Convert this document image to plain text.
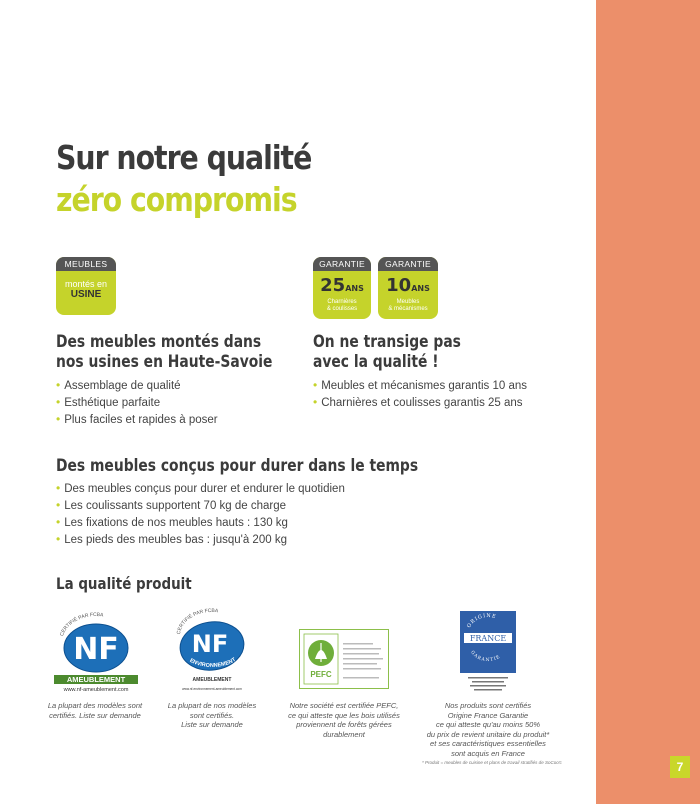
7
Sur notre qualité
zéro compromis
MEUBLES
montés en
USINE
GARANTIE
25ANS
Charnières
& coulisses
GARANTIE
10ANS
Meubles
& mécanismes
Des meubles montés dans
nos usines en Haute-Savoie
• Assemblage de qualité
• Esthétique parfaite
• Plus faciles et rapides à poser
On ne transige pas
avec la qualité !
• Meubles et mécanismes garantis 10 ans
• Charnières et coulisses garantis 25 ans
Des meubles conçus pour durer dans le temps
• Des meubles conçus pour durer et endurer le quotidien
• Les coulissants supportent 70 kg de charge
• Les fixations de nos meubles hauts : 130 kg
• Les pieds des meubles bas : jusqu'à 200 kg
La qualité produit
CERTIFIÉ PAR FCBA
NF
AMEUBLEMENT
www.nf-ameublement.com
La plupart des modèles sont
certifiés. Liste sur demande
CERTIFIÉ PAR FCBA
NF
ENVIRONNEMENT
AMEUBLEMENT
www.nf-environnement-ameublement.com
La plupart de nos modèles
sont certifiés.
Liste sur demande
PEFC
Notre société est certifiée PEFC,
ce qui atteste que les bois utilisés
proviennent de forêts gérées
durablement
ORIGINE
FRANCE
GARANTIE
Nos produits sont certifiés
Origine France Garantie
ce qui atteste qu'au moins 50%
du prix de revient unitaire du produit*
et ses caractéristiques essentielles
sont acquis en France
* Produit = meubles de cuisine et plans de travail stratifiés de SoCoo'c
